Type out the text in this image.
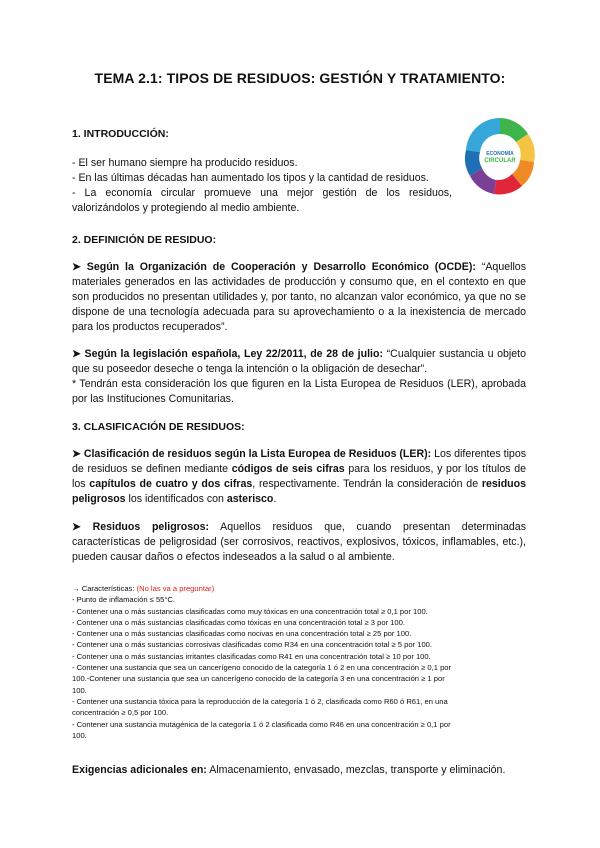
TEMA 2.1: TIPOS DE RESIDUOS: GESTIÓN Y TRATAMIENTO:
ECONOMÍA
CIRCULAR
1. INTRODUCCIÓN:
- El ser humano siempre ha producido residuos.
- En las últimas décadas han aumentado los tipos y la cantidad de residuos.
- La economía circular promueve una mejor gestión de los residuos,
valorizándolos y protegiendo al medio ambiente.
2. DEFINICIÓN DE RESIDUO:
➤ Según la Organización de Cooperación y Desarrollo Económico (OCDE): “Aquellos materiales generados en las actividades de producción y consumo que, en el contexto en que son producidos no presentan utilidades y, por tanto, no alcanzan valor económico, ya que no se dispone de una tecnología adecuada para su aprovechamiento o a la inexistencia de mercado para los productos recuperados”.
➤ Según la legislación española, Ley 22/2011, de 28 de julio: “Cualquier sustancia u objeto que su poseedor deseche o tenga la intención o la obligación de desechar”.
* Tendrán esta consideración los que figuren en la Lista Europea de Residuos (LER), aprobada por las Instituciones Comunitarias.
3. CLASIFICACIÓN DE RESIDUOS:
➤ Clasificación de residuos según la Lista Europea de Residuos (LER): Los diferentes tipos de residuos se definen mediante códigos de seis cifras para los residuos, y por los títulos de los capítulos de cuatro y dos cifras, respectivamente. Tendrán la consideración de residuos peligrosos los identificados con asterisco.
➤ Residuos peligrosos: Aquellos residuos que, cuando presentan determinadas características de peligrosidad (ser corrosivos, reactivos, explosivos, tóxicos, inflamables, etc.), pueden causar daños o efectos indeseados a la salud o al ambiente.
→ Características: (No las va a preguntar)
- Punto de inflamación ≤ 55°C.
- Contener una o más sustancias clasificadas como muy tóxicas en una concentración total ≥ 0,1 por 100.
- Contener una o más sustancias clasificadas como tóxicas en una concentración total ≥ 3 por 100.
- Contener una o más sustancias clasificadas como nocivas en una concentración total ≥ 25 por 100.
- Contener una o más sustancias corrosivas clasificadas como R34 en una concentración total ≥ 5 por 100.
- Contener una o más sustancias irritantes clasificadas como R41 en una concentración total ≥ 10 por 100.
- Contener una sustancia que sea un cancerígeno conocido de la categoría 1 ó 2 en una concentración ≥ 0,1 por
100.-Contener una sustancia que sea un cancerígeno conocido de la categoría 3 en una concentración ≥ 1 por
100.
- Contener una sustancia tóxica para la reproducción de la categoría 1 ó 2, clasificada como R60 ó R61, en una
concentración ≥ 0,5 por 100.
- Contener una sustancia mutagénica de la categoría 1 ó 2 clasificada como R46 en una concentración ≥ 0,1 por
100.
Exigencias adicionales en: Almacenamiento, envasado, mezclas, transporte y eliminación.
